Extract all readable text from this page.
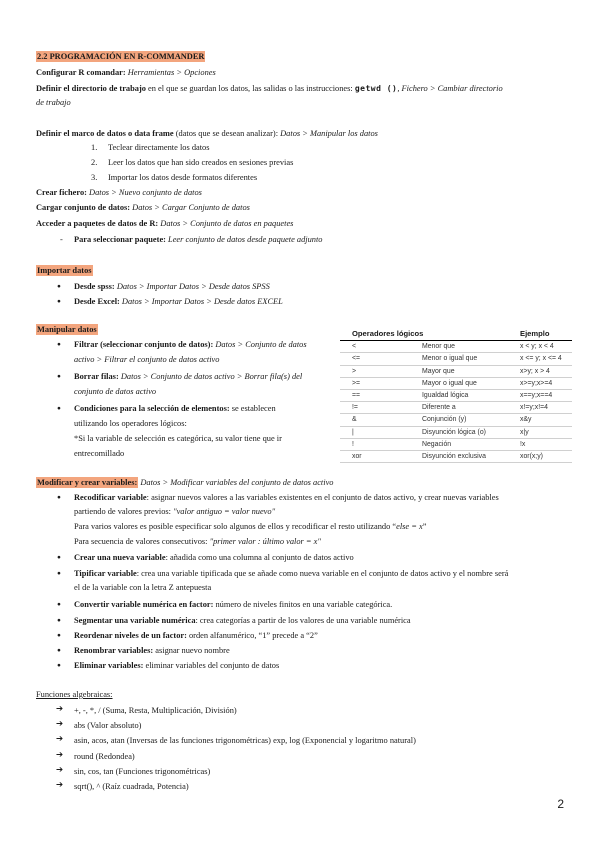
2.2 PROGRAMACIÓN EN R-COMMANDER
Configurar R comandar: Herramientas > Opciones
Definir el directorio de trabajo en el que se guardan los datos, las salidas o las instrucciones: getwd (), Fichero > Cambiar directorio
de trabajo
Definir el marco de datos o data frame (datos que se desean analizar): Datos > Manipular los datos
1. Teclear directamente los datos
2. Leer los datos que han sido creados en sesiones previas
3. Importar los datos desde formatos diferentes
Crear fichero: Datos > Nuevo conjunto de datos
Cargar conjunto de datos: Datos > Cargar Conjunto de datos
Acceder a paquetes de datos de R: Datos > Conjunto de datos en paquetes
- Para seleccionar paquete: Leer conjunto de datos desde paquete adjunto
Importar datos
● Desde spss: Datos > Importar Datos > Desde datos SPSS
● Desde Excel: Datos > Importar Datos > Desde datos EXCEL
Manipular datos
● Filtrar (seleccionar conjunto de datos): Datos > Conjunto de datos
activo > Filtrar el conjunto de datos activo
● Borrar filas: Datos > Conjunto de datos activo > Borrar fila(s) del
conjunto de datos activo
● Condiciones para la selección de elementos: se establecen
utilizando los operadores lógicos:
*Si la variable de selección es categórica, su valor tiene que ir
entrecomillado
Operadores lógicos		Ejemplo
<	Menor que	x < y; x < 4
<=	Menor o igual que	x <= y; x <= 4
>	Mayor que	x>y; x > 4
>=	Mayor o igual que	x>=y;x>=4
==	Igualdad lógica	x==y;x==4
!=	Diferente a	x!=y;x!=4
&	Conjunción (y)	x&y
|	Disyunción lógica (o)	x|y
!	Negación	!x
xor	Disyunción exclusiva	xor(x;y)
Modificar y crear variables: Datos > Modificar variables del conjunto de datos activo
● Recodificar variable: asignar nuevos valores a las variables existentes en el conjunto de datos activo, y crear nuevas variables
partiendo de valores previos: "valor antiguo = valor nuevo"
Para varios valores es posible especificar solo algunos de ellos y recodificar el resto utilizando “else = x”
Para secuencia de valores consecutivos: "primer valor : último valor = x"
● Crear una nueva variable: añadida como una columna al conjunto de datos activo
● Tipificar variable: crea una variable tipificada que se añade como nueva variable en el conjunto de datos activo y el nombre será
el de la variable con la letra Z antepuesta
● Convertir variable numérica en factor: número de niveles finitos en una variable categórica.
● Segmentar una variable numérica: crea categorías a partir de los valores de una variable numérica
● Reordenar niveles de un factor: orden alfanumérico, “1” precede a “2”
● Renombrar variables: asignar nuevo nombre
● Eliminar variables: eliminar variables del conjunto de datos
Funciones algebraicas:
➔ +, -, *, / (Suma, Resta, Multiplicación, División)
➔ abs (Valor absoluto)
➔ asin, acos, atan (Inversas de las funciones trigonométricas) exp, log (Exponencial y logaritmo natural)
➔ round (Redondea)
➔ sin, cos, tan (Funciones trigonométricas)
➔ sqrt(), ^ (Raíz cuadrada, Potencia)
2
